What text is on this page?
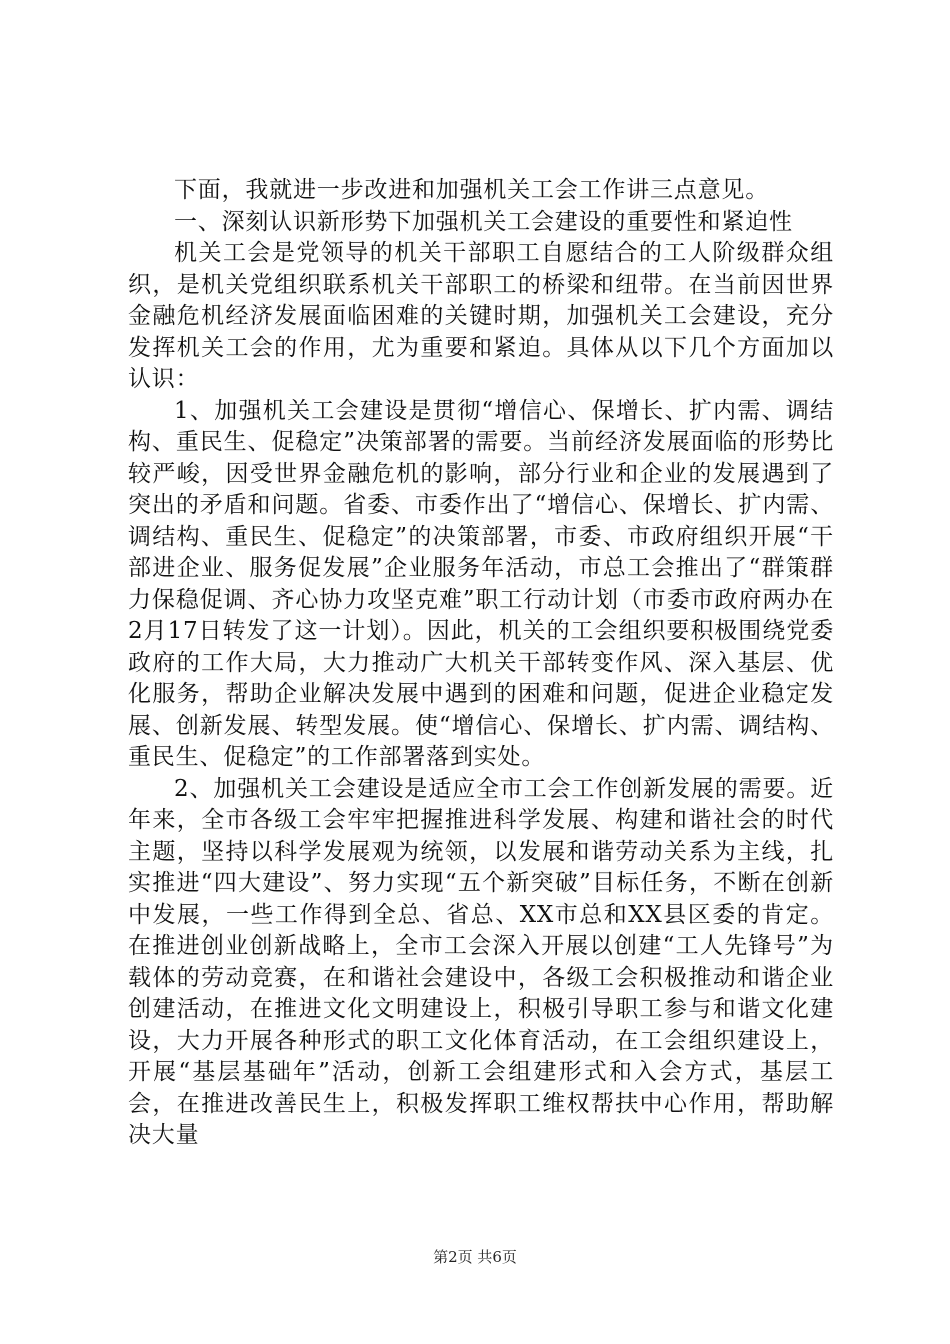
下面，我就进一步改进和加强机关工会工作讲三点意见。

一、深刻认识新形势下加强机关工会建设的重要性和紧迫性

机关工会是党领导的机关干部职工自愿结合的工人阶级群众组织，是机关党组织联系机关干部职工的桥梁和纽带。在当前因世界金融危机经济发展面临困难的关键时期，加强机关工会建设，充分发挥机关工会的作用，尤为重要和紧迫。具体从以下几个方面加以认识：

1、加强机关工会建设是贯彻“增信心、保增长、扩内需、调结构、重民生、促稳定”决策部署的需要。当前经济发展面临的形势比较严峻，因受世界金融危机的影响，部分行业和企业的发展遇到了突出的矛盾和问题。省委、市委作出了“增信心、保增长、扩内需、调结构、重民生、促稳定”的决策部署，市委、市政府组织开展“干部进企业、服务促发展”企业服务年活动，市总工会推出了“群策群力保稳促调、齐心协力攻坚克难”职工行动计划（市委市政府两办在2月17日转发了这一计划）。因此，机关的工会组织要积极围绕党委政府的工作大局，大力推动广大机关干部转变作风、深入基层、优化服务，帮助企业解决发展中遇到的困难和问题，促进企业稳定发展、创新发展、转型发展。使“增信心、保增长、扩内需、调结构、重民生、促稳定”的工作部署落到实处。

2、加强机关工会建设是适应全市工会工作创新发展的需要。近年来，全市各级工会牢牢把握推进科学发展、构建和谐社会的时代主题，坚持以科学发展观为统领，以发展和谐劳动关系为主线，扎实推进“四大建设”、努力实现“五个新突破”目标任务，不断在创新中发展，一些工作得到全总、省总、XX市总和XX县区委的肯定。在推进创业创新战略上，全市工会深入开展以创建“工人先锋号”为载体的劳动竞赛，在和谐社会建设中，各级工会积极推动和谐企业创建活动，在推进文化文明建设上，积极引导职工参与和谐文化建设，大力开展各种形式的职工文化体育活动，在工会组织建设上，开展“基层基础年”活动，创新工会组建形式和入会方式，基层工会，在推进改善民生上，积极发挥职工维权帮扶中心作用，帮助解决大量

第2页 共6页
